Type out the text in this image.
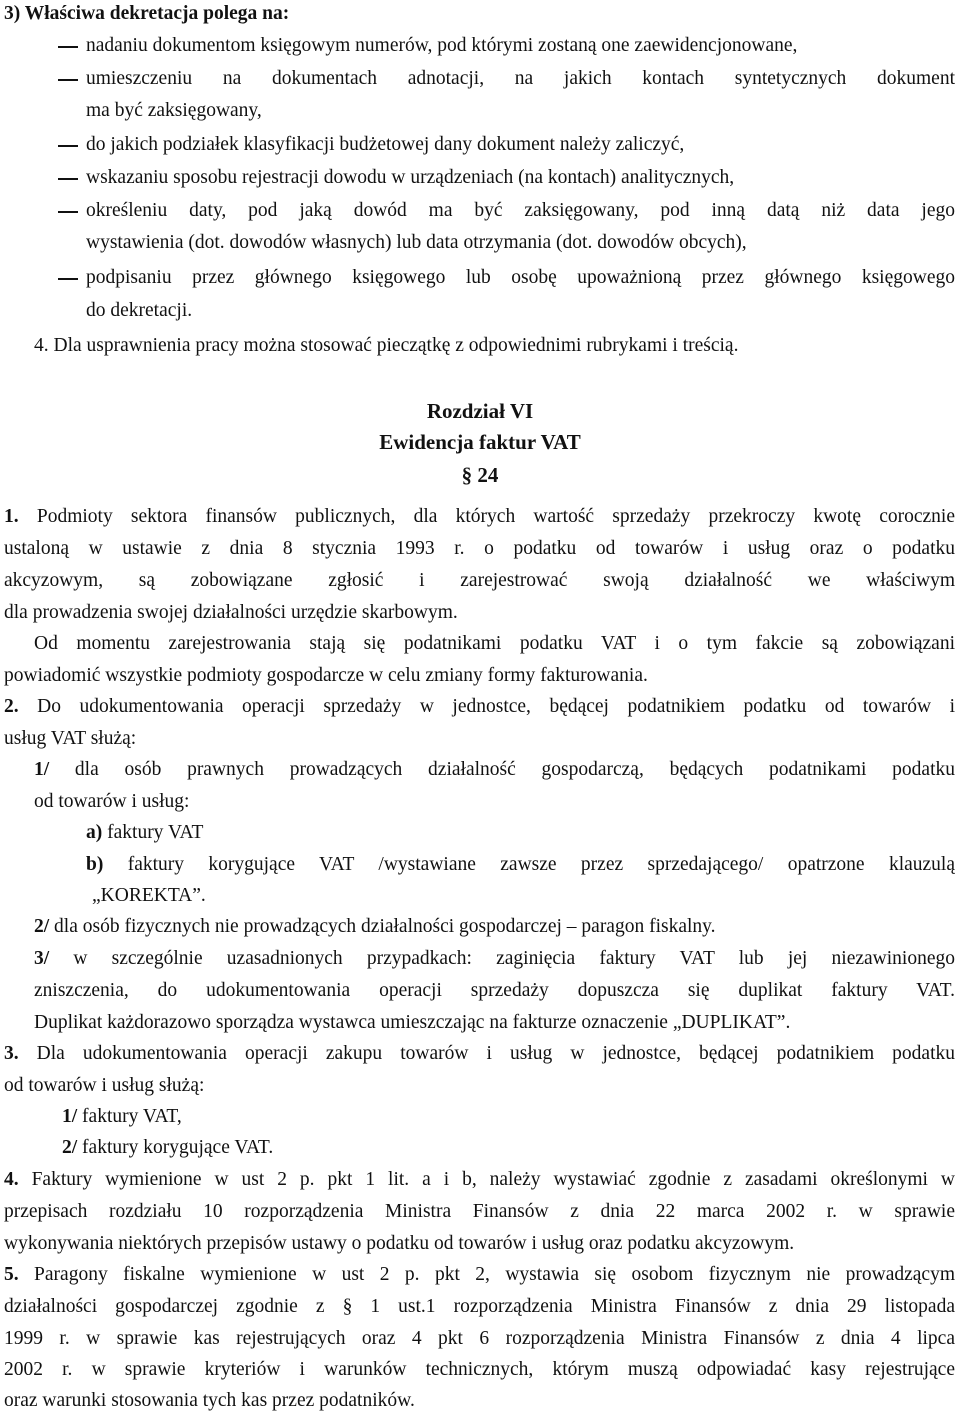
3) Właściwa dekretacja polega na:
nadaniu dokumentom księgowym numerów, pod którymi zostaną one zaewidencjonowane,
umieszczeniu na dokumentach adnotacji, na jakich kontach syntetycznych dokument
ma być zaksięgowany,
do jakich podziałek klasyfikacji budżetowej dany dokument należy zaliczyć,
wskazaniu sposobu rejestracji dowodu w urządzeniach (na kontach) analitycznych,
określeniu daty, pod jaką dowód ma być zaksięgowany, pod inną datą niż data jego
wystawienia (dot. dowodów własnych) lub data otrzymania (dot. dowodów obcych),
podpisaniu przez głównego księgowego lub osobę upoważnioną przez głównego księgowego
do dekretacji.
4. Dla usprawnienia pracy można stosować pieczątkę z odpowiednimi rubrykami i treścią.
Rozdział VI
Ewidencja faktur VAT
§ 24
1. Podmioty sektora finansów publicznych, dla których wartość sprzedaży przekroczy kwotę corocznie
ustaloną w ustawie z dnia 8 stycznia 1993 r. o podatku od towarów i usług oraz o podatku
akcyzowym, są zobowiązane zgłosić i zarejestrować swoją działalność we właściwym
dla prowadzenia swojej działalności urzędzie skarbowym.
Od momentu zarejestrowania stają się podatnikami podatku VAT i o tym fakcie są zobowiązani
powiadomić wszystkie podmioty gospodarcze w celu zmiany formy fakturowania.
2. Do udokumentowania operacji sprzedaży w jednostce, będącej podatnikiem podatku od towarów i
usług VAT służą:
1/ dla osób prawnych prowadzących działalność gospodarczą, będących podatnikami podatku
od towarów i usług:
a) faktury VAT
b) faktury korygujące VAT /wystawiane zawsze przez sprzedającego/ opatrzone klauzulą
„KOREKTA”.
2/ dla osób fizycznych nie prowadzących działalności gospodarczej – paragon fiskalny.
3/ w szczególnie uzasadnionych przypadkach: zaginięcia faktury VAT lub jej niezawinionego
zniszczenia, do udokumentowania operacji sprzedaży dopuszcza się duplikat faktury VAT.
Duplikat każdorazowo sporządza wystawca umieszczając na fakturze oznaczenie „DUPLIKAT”.
3. Dla udokumentowania operacji zakupu towarów i usług w jednostce, będącej podatnikiem podatku
od towarów i usług służą:
1/ faktury VAT,
2/ faktury korygujące VAT.
4. Faktury wymienione w ust 2 p. pkt 1 lit. a i b, należy wystawiać zgodnie z zasadami określonymi w
przepisach rozdziału 10 rozporządzenia Ministra Finansów z dnia 22 marca 2002 r. w sprawie
wykonywania niektórych przepisów ustawy o podatku od towarów i usług oraz podatku akcyzowym.
5. Paragony fiskalne wymienione w ust 2 p. pkt 2, wystawia się osobom fizycznym nie prowadzącym
działalności gospodarczej zgodnie z § 1 ust.1 rozporządzenia Ministra Finansów z dnia 29 listopada
1999 r. w sprawie kas rejestrujących oraz 4 pkt 6 rozporządzenia Ministra Finansów z dnia 4 lipca
2002 r. w sprawie kryteriów i warunków technicznych, którym muszą odpowiadać kasy rejestrujące
oraz warunki stosowania tych kas przez podatników.
